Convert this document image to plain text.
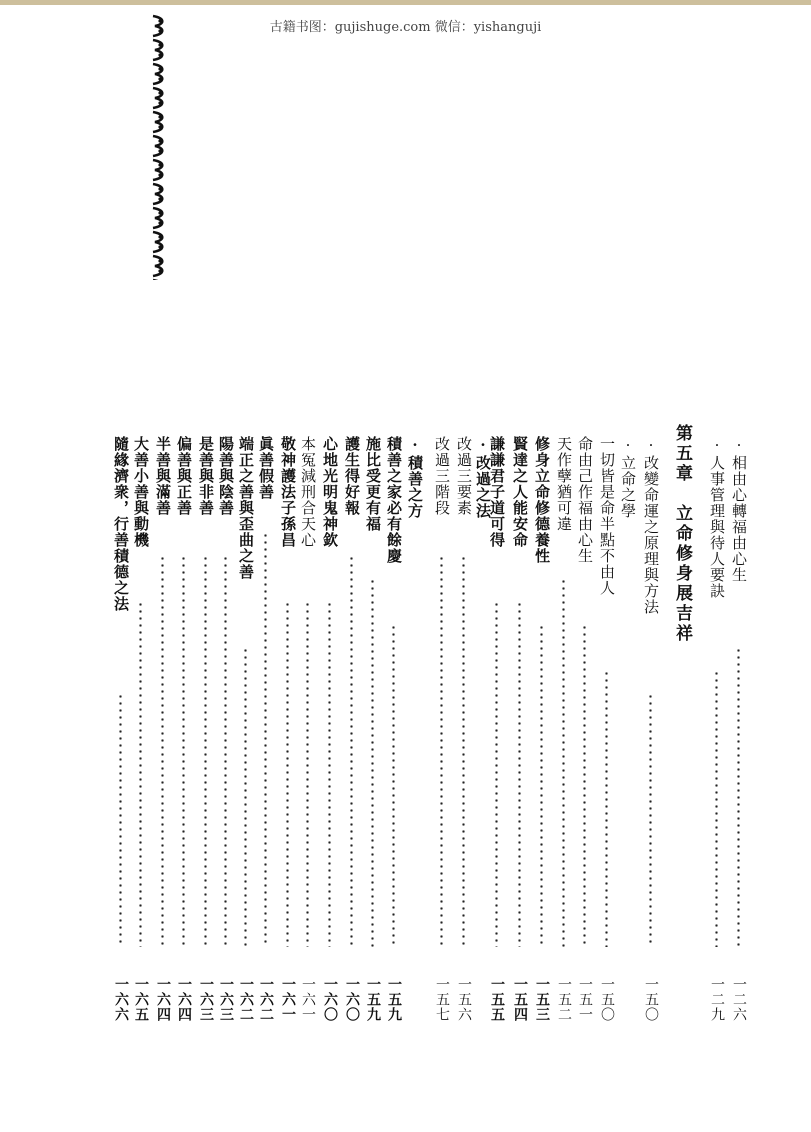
古籍书图：gujishuge.com 微信：yishanguji
第五章　立命修身展吉祥	·相由心轉福由心生
一二六
·人事管理與待人要訣
一二九
·改變命運之原理與方法
一五〇
·立命之學
一切皆是命半點不由人
一五〇
命由己作福由心生
一五一
天作孽猶可違
一五二
修身立命修德養性
一五三
賢達之人能安命
一五四
謙謙君子道可得
一五五
·改過之法
改過三要素
一五六
改過三階段
一五七
·積善之方
積善之家必有餘慶
一五九
施比受更有福
一五九
護生得好報
一六〇
心地光明鬼神欽
一六〇
本冤減刑合天心
一六一
敬神護法子孫昌
一六一
眞善假善
一六二
端正之善與歪曲之善
一六二
陽善與陰善
一六三
是善與非善
一六三
偏善與正善
一六四
半善與滿善
一六四
大善小善與動機
一六五
隨緣濟衆，行善積德之法
一六六
